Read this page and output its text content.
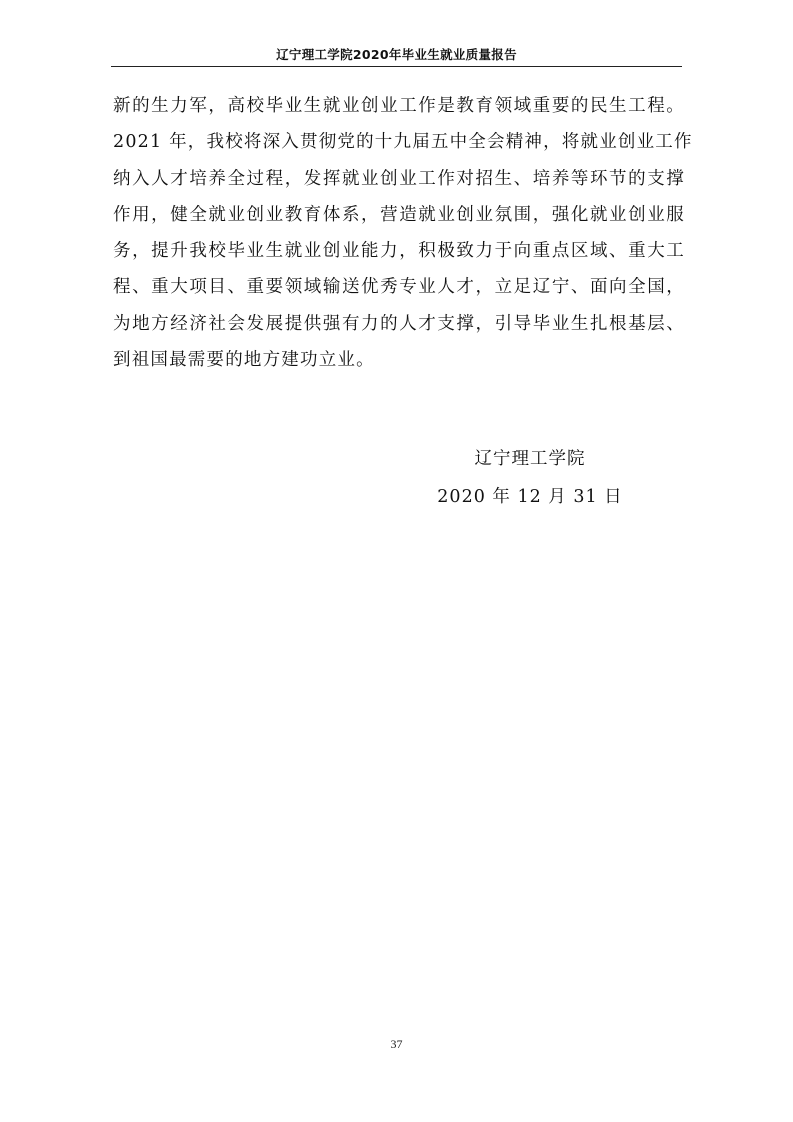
辽宁理工学院2020年毕业生就业质量报告
新的生力军，高校毕业生就业创业工作是教育领域重要的民生工程。
2021 年，我校将深入贯彻党的十九届五中全会精神，将就业创业工作
纳入人才培养全过程，发挥就业创业工作对招生、培养等环节的支撑
作用，健全就业创业教育体系，营造就业创业氛围，强化就业创业服
务，提升我校毕业生就业创业能力，积极致力于向重点区域、重大工
程、重大项目、重要领域输送优秀专业人才，立足辽宁、面向全国，
为地方经济社会发展提供强有力的人才支撑，引导毕业生扎根基层、
到祖国最需要的地方建功立业。
辽宁理工学院
2020 年 12 月 31 日
37
